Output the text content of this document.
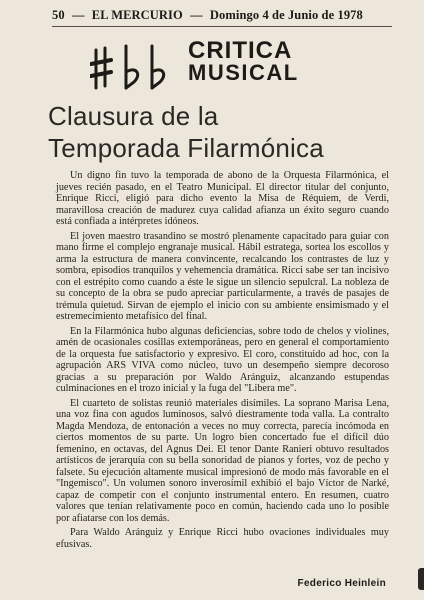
50 — EL MERCURIO — Domingo 4 de Junio de 1978
CRITICA
MUSICAL
Clausura de la
Temporada Filarmónica

Un digno fin tuvo la temporada de abono de la Orquesta Filarmónica, el jueves recién pasado, en el Teatro Municipal. El director titular del conjunto, Enrique Ricci, eligió para dicho evento la Misa de Réquiem, de Verdi, maravillosa creación de madurez cuya calidad afianza un éxito seguro cuando está confiada a intérpretes idóneos.

El joven maestro trasandino se mostró plenamente capacitado para guiar con mano firme el complejo engranaje musical. Hábil estratega, sortea los escollos y arma la estructura de manera convincente, recalcando los contrastes de luz y sombra, episodios tranquilos y vehemencia dramática. Ricci sabe ser tan incisivo con el estrépito como cuando a éste le sigue un silencio sepulcral. La nobleza de su concepto de la obra se pudo apreciar particularmente, a través de pasajes de trémula quietud. Sirvan de ejemplo el inicio con su ambiente ensimismado y el estremecimiento metafísico del final.

En la Filarmónica hubo algunas deficiencias, sobre todo de chelos y violines, amén de ocasionales cosillas extemporáneas, pero en general el comportamiento de la orquesta fue satisfactorio y expresivo. El coro, constituido ad hoc, con la agrupación ARS VIVA como núcleo, tuvo un desempeño siempre decoroso gracias a su preparación por Waldo Aránguiz, alcanzando estupendas culminaciones en el trozo inicial y la fuga del "Libera me".

El cuarteto de solistas reunió materiales disímiles. La soprano Marisa Lena, una voz fina con agudos luminosos, salvó diestramente toda valla. La contralto Magda Mendoza, de entonación a veces no muy correcta, parecía incómoda en ciertos momentos de su parte. Un logro bien concertado fue el difícil dúo femenino, en octavas, del Agnus Dei. El tenor Dante Ranieri obtuvo resultados artísticos de jerarquía con su bella sonoridad de pianos y fortes, voz de pecho y falsete. Su ejecución altamente musical impresionó de modo más favorable en el "Ingemisco". Un volumen sonoro inverosímil exhibió el bajo Víctor de Narké, capaz de competir con el conjunto instrumental entero. En resumen, cuatro valores que tenían relativamente poco en común, haciendo cada uno lo posible por afiatarse con los demás.

Para Waldo Aránguiz y Enrique Ricci hubo ovaciones individuales muy efusivas.

Federico Heinlein
